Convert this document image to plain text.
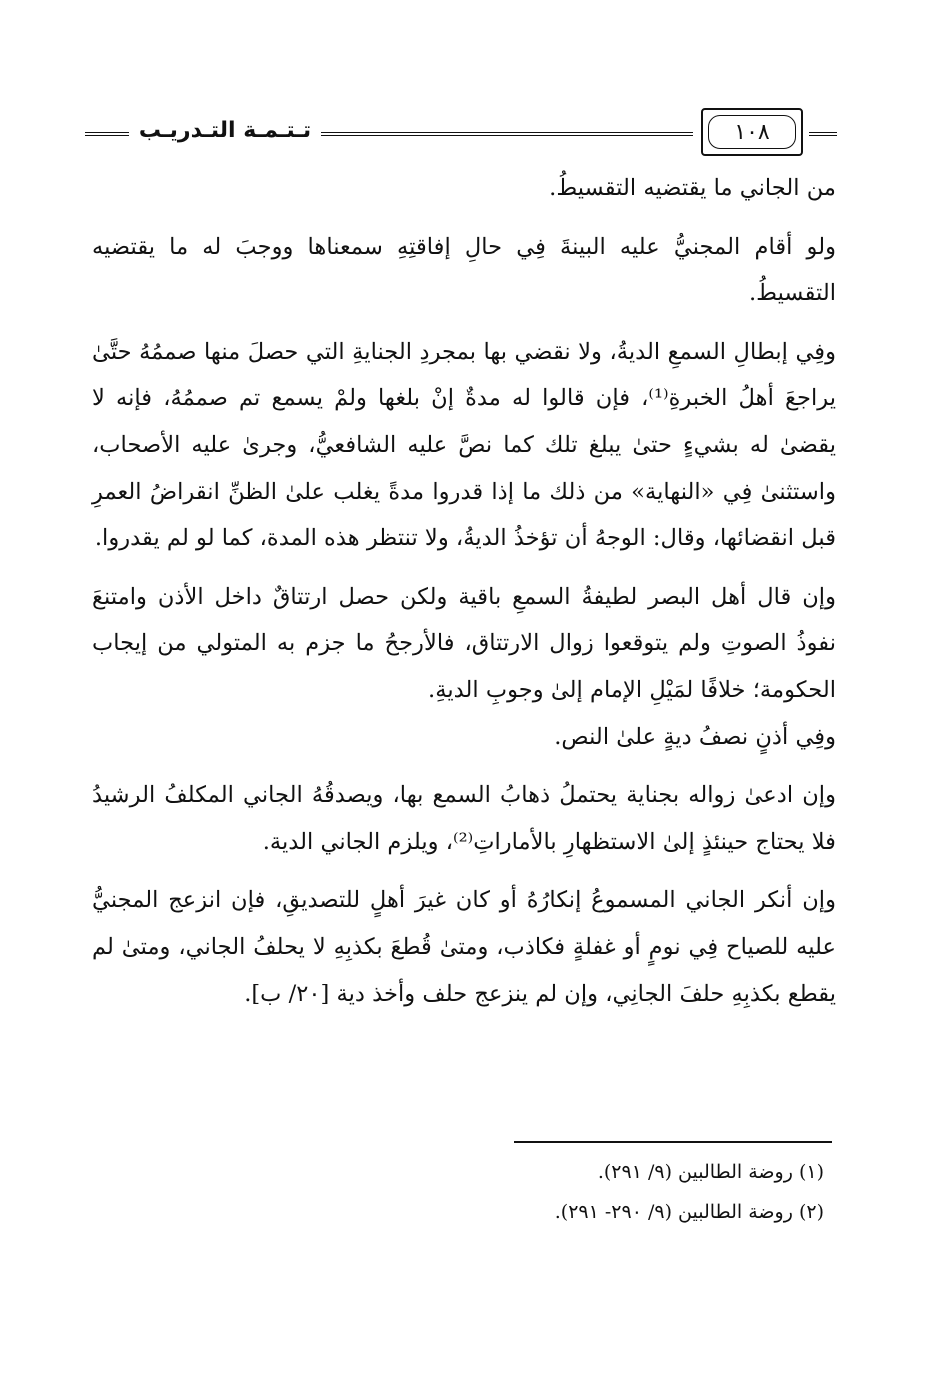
تـتـمـة التـدريـب	١٠٨

من الجاني ما يقتضيه التقسيطُ.

ولو أقام المجنيُّ عليه البينةَ فِي حالِ إفاقتِهِ سمعناها ووجبَ له ما يقتضيه التقسيطُ.

وفِي إبطالِ السمعِ الديةُ، ولا نقضي بها بمجردِ الجنايةِ التي حصلَ منها صممُهُ حتَّىٰ يراجعَ أهلُ الخبرةِ⁽¹⁾، فإن قالوا له مدةٌ إنْ بلغها ولمْ يسمع تم صممُهُ، فإنه لا يقضىٰ له بشيءٍ حتىٰ يبلغ تلك كما نصَّ عليه الشافعيُّ، وجرىٰ عليه الأصحاب، واستثنىٰ فِي «النهاية» من ذلك ما إذا قدروا مدةً يغلب علىٰ الظنِّ انقراضُ العمرِ قبل انقضائها، وقال: الوجهُ أن تؤخذُ الديةُ، ولا تنتظر هذه المدة، كما لو لم يقدروا.

وإن قال أهل البصر لطيفةُ السمعِ باقية ولكن حصل ارتتاقٌ داخل الأذن وامتنعَ نفوذُ الصوتِ ولم يتوقعوا زوال الارتتاق، فالأرجحُ ما جزم به المتولي من إيجاب الحكومة؛ خلافًا لمَيْلِ الإمام إلىٰ وجوبِ الديةِ.

وفِي أذنٍ نصفُ ديةٍ علىٰ النص.

وإن ادعىٰ زواله بجناية يحتملُ ذهابُ السمع بها، ويصدقُهُ الجاني المكلفُ الرشيدُ فلا يحتاج حينئذٍ إلىٰ الاستظهارِ بالأماراتِ⁽²⁾، ويلزم الجاني الدية.

وإن أنكر الجاني المسموعُ إنكارُهُ أو كان غيرَ أهلٍ للتصديقِ، فإن انزعج المجنيُّ عليه للصياح فِي نومٍ أو غفلةٍ فكاذب، ومتىٰ قُطعَ بكذبِهِ لا يحلفُ الجاني، ومتىٰ لم يقطع بكذبِهِ حلفَ الجانِي، وإن لم ينزعج حلف وأخذ دية [٢٠/ ب].

(١) روضة الطالبين (٩/ ٢٩١).
(٢) روضة الطالبين (٩/ ٢٩٠- ٢٩١).
